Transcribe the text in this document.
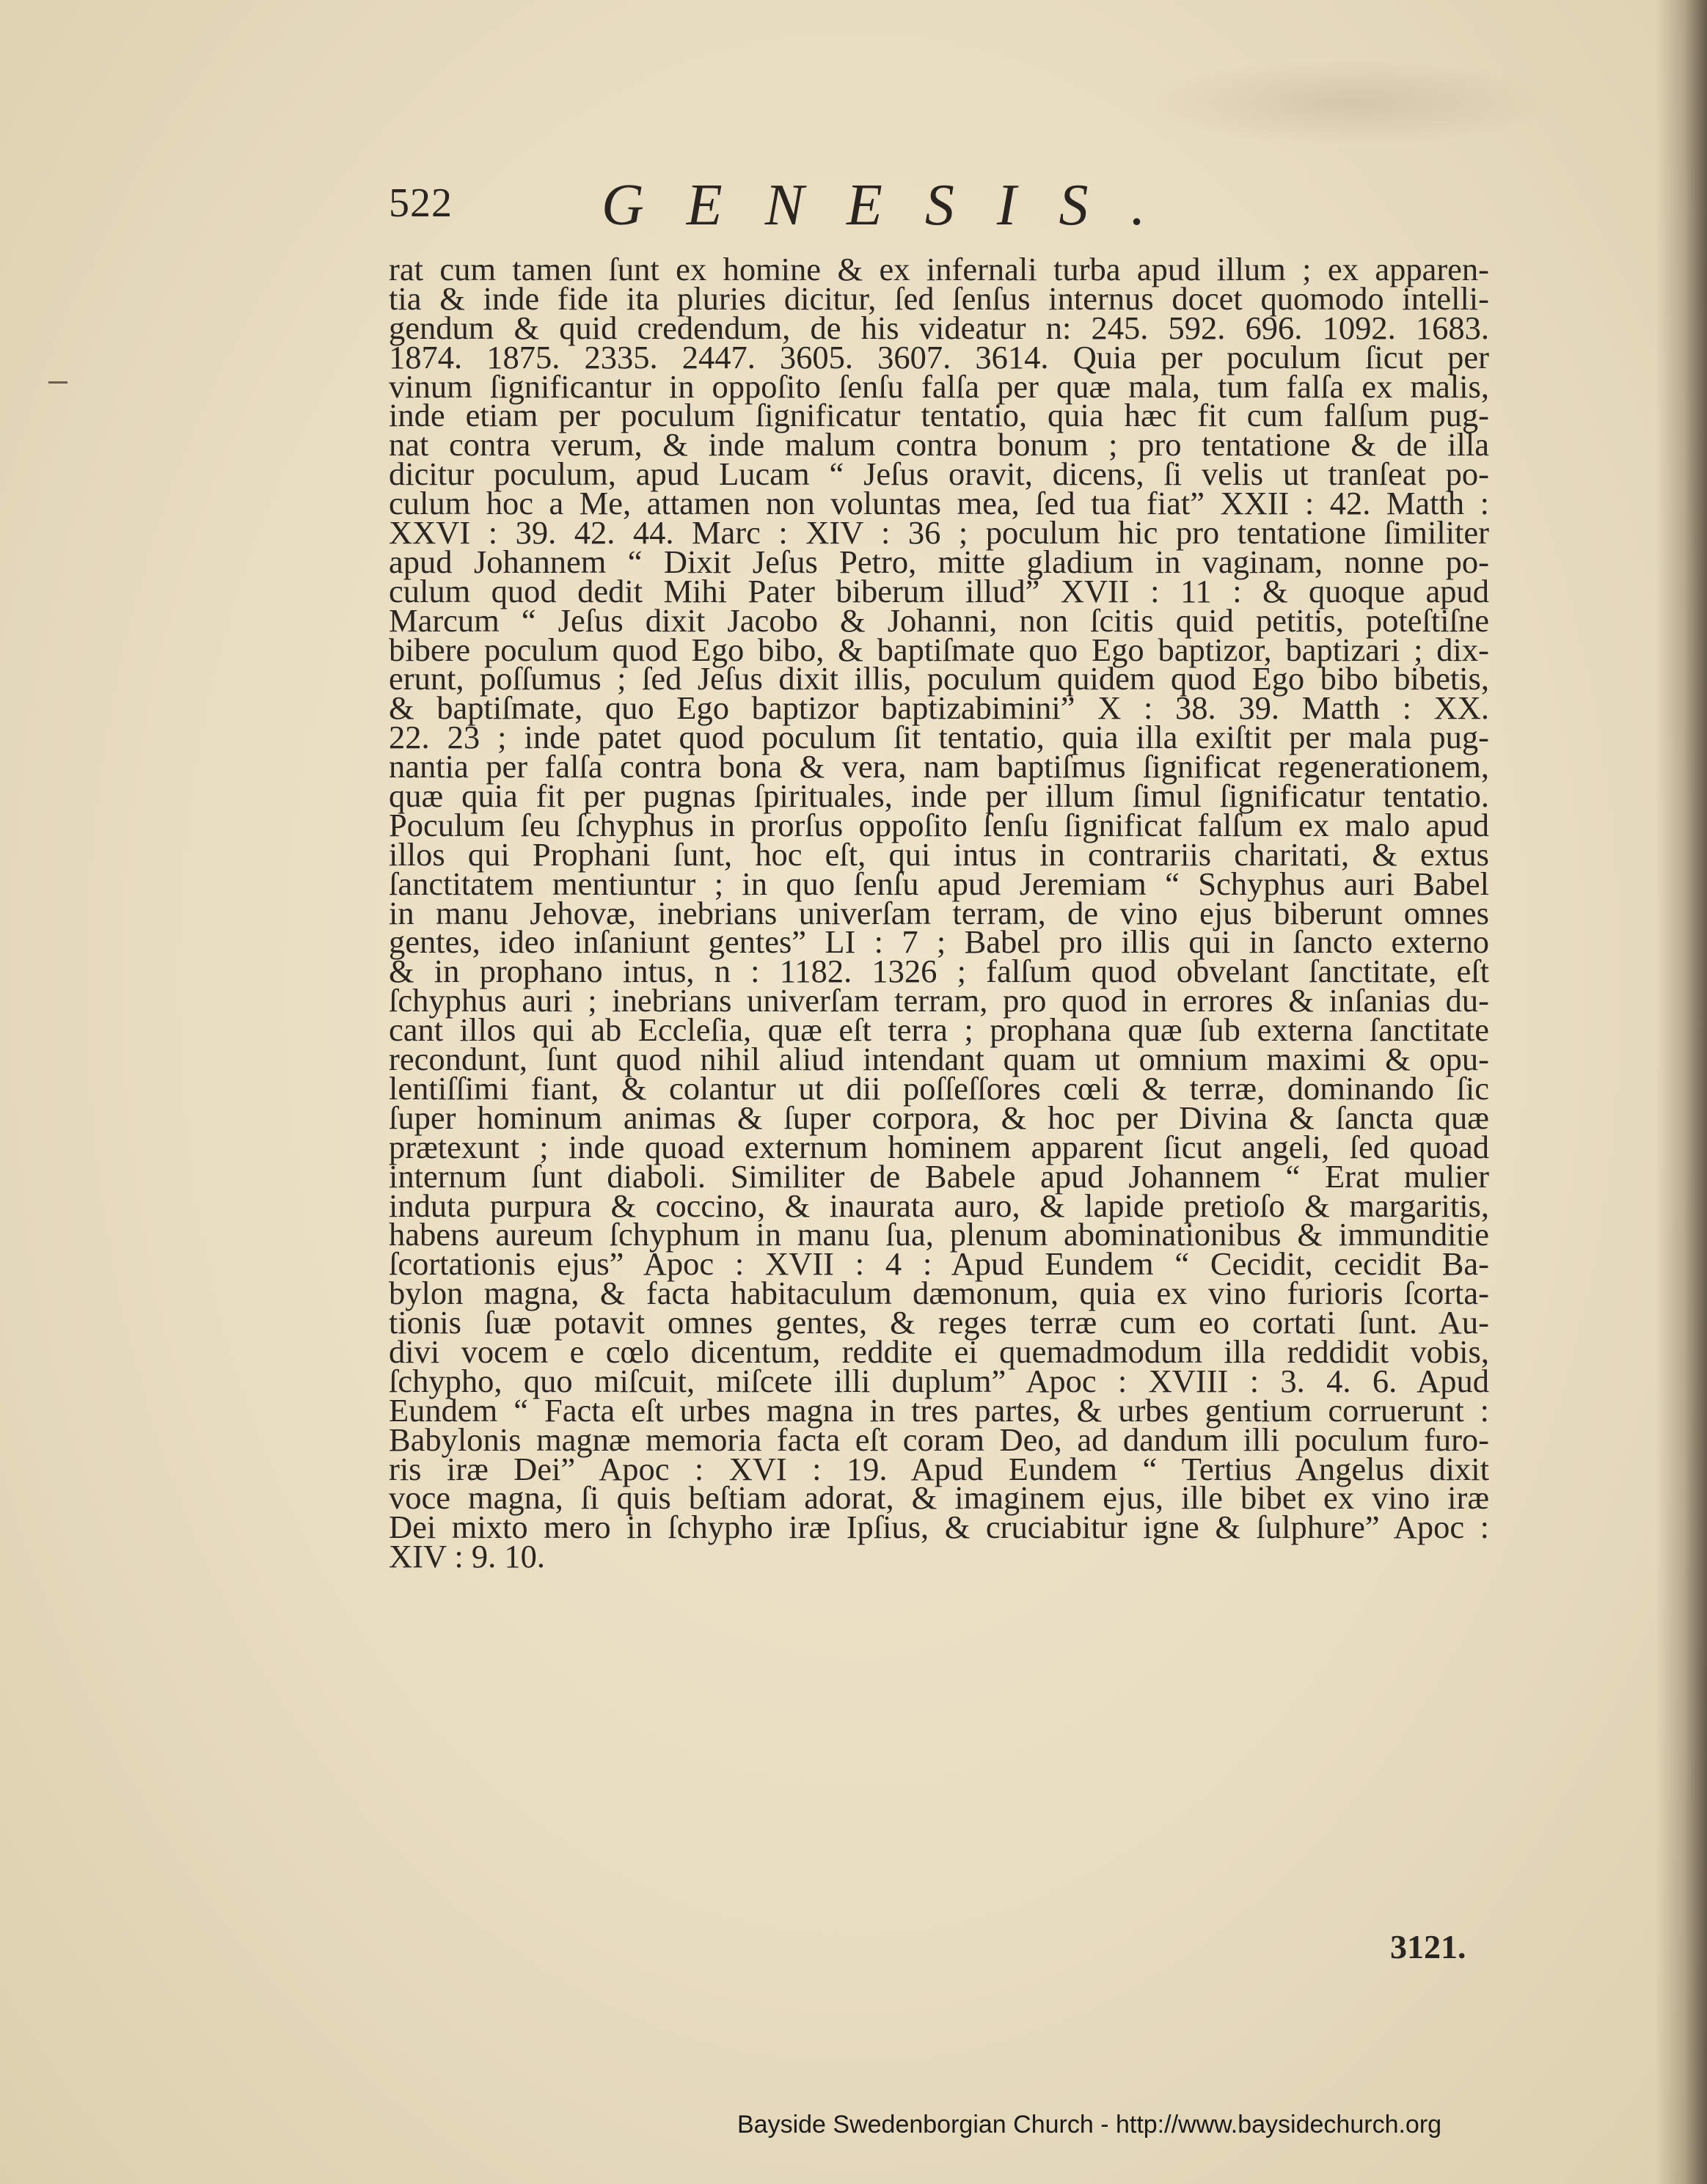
522	GENESIS.
rat cum tamen ſunt ex homine & ex infernali turba apud illum ; ex apparen-
tia & inde fide ita pluries dicitur, ſed ſenſus internus docet quomodo intelli-
gendum & quid credendum, de his videatur n: 245. 592. 696. 1092. 1683.
1874. 1875. 2335. 2447. 3605. 3607. 3614. Quia per poculum ſicut per
vinum ſignificantur in oppoſito ſenſu falſa per quæ mala, tum falſa ex malis,
inde etiam per poculum ſignificatur tentatio, quia hæc fit cum falſum pug-
nat contra verum, & inde malum contra bonum ; pro tentatione & de illa
dicitur poculum, apud Lucam “ Jeſus oravit, dicens, ſi velis ut tranſeat po-
culum hoc a Me, attamen non voluntas mea, ſed tua fiat” XXII : 42. Matth :
XXVI : 39. 42. 44. Marc : XIV : 36 ; poculum hic pro tentatione ſimiliter
apud Johannem “ Dixit Jeſus Petro, mitte gladium in vaginam, nonne po-
culum quod dedit Mihi Pater biberum illud” XVII : 11 : & quoque apud
Marcum “ Jeſus dixit Jacobo & Johanni, non ſcitis quid petitis, poteſtiſne
bibere poculum quod Ego bibo, & baptiſmate quo Ego baptizor, baptizari ; dix-
erunt, poſſumus ; ſed Jeſus dixit illis, poculum quidem quod Ego bibo bibetis,
& baptiſmate, quo Ego baptizor baptizabimini” X : 38. 39. Matth : XX.
22. 23 ; inde patet quod poculum ſit tentatio, quia illa exiſtit per mala pug-
nantia per falſa contra bona & vera, nam baptiſmus ſignificat regenerationem,
quæ quia fit per pugnas ſpirituales, inde per illum ſimul ſignificatur tentatio.
Poculum ſeu ſchyphus in prorſus oppoſito ſenſu ſignificat falſum ex malo apud
illos qui Prophani ſunt, hoc eſt, qui intus in contrariis charitati, & extus
ſanctitatem mentiuntur ; in quo ſenſu apud Jeremiam “ Schyphus auri Babel
in manu Jehovæ, inebrians univerſam terram, de vino ejus biberunt omnes
gentes, ideo inſaniunt gentes” LI : 7 ; Babel pro illis qui in ſancto externo
& in prophano intus, n : 1182. 1326 ; falſum quod obvelant ſanctitate, eſt
ſchyphus auri ; inebrians univerſam terram, pro quod in errores & inſanias du-
cant illos qui ab Eccleſia, quæ eſt terra ; prophana quæ ſub externa ſanctitate
recondunt, ſunt quod nihil aliud intendant quam ut omnium maximi & opu-
lentiſſimi fiant, & colantur ut dii poſſeſſores cœli & terræ, dominando ſic
ſuper hominum animas & ſuper corpora, & hoc per Divina & ſancta quæ
prætexunt ; inde quoad externum hominem apparent ſicut angeli, ſed quoad
internum ſunt diaboli. Similiter de Babele apud Johannem “ Erat mulier
induta purpura & coccino, & inaurata auro, & lapide pretioſo & margaritis,
habens aureum ſchyphum in manu ſua, plenum abominationibus & immunditie
ſcortationis ejus” Apoc : XVII : 4 : Apud Eundem “ Cecidit, cecidit Ba-
bylon magna, & facta habitaculum dæmonum, quia ex vino furioris ſcorta-
tionis ſuæ potavit omnes gentes, & reges terræ cum eo cortati ſunt. Au-
divi vocem e cœlo dicentum, reddite ei quemadmodum illa reddidit vobis,
ſchypho, quo miſcuit, miſcete illi duplum” Apoc : XVIII : 3. 4. 6. Apud
Eundem “ Facta eſt urbes magna in tres partes, & urbes gentium corruerunt :
Babylonis magnæ memoria facta eſt coram Deo, ad dandum illi poculum furo-
ris iræ Dei” Apoc : XVI : 19. Apud Eundem “ Tertius Angelus dixit
voce magna, ſi quis beſtiam adorat, & imaginem ejus, ille bibet ex vino iræ
Dei mixto mero in ſchypho iræ Ipſius, & cruciabitur igne & ſulphure” Apoc :
XIV : 9. 10.
3121.
Bayside Swedenborgian Church - http://www.baysidechurch.org
